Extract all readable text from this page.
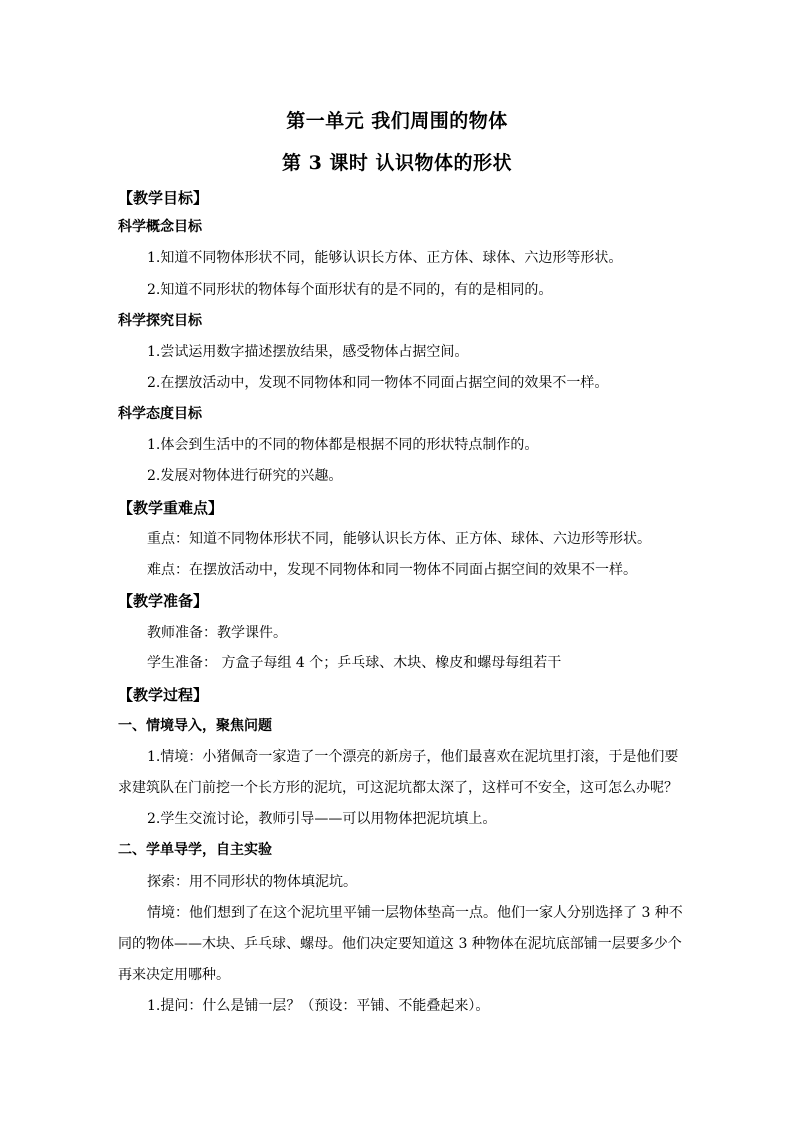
第一单元 我们周围的物体
第 3 课时 认识物体的形状
【教学目标】
科学概念目标
1.知道不同物体形状不同，能够认识长方体、正方体、球体、六边形等形状。
2.知道不同形状的物体每个面形状有的是不同的，有的是相同的。
科学探究目标
1.尝试运用数字描述摆放结果，感受物体占据空间。
2.在摆放活动中，发现不同物体和同一物体不同面占据空间的效果不一样。
科学态度目标
1.体会到生活中的不同的物体都是根据不同的形状特点制作的。
2.发展对物体进行研究的兴趣。
【教学重难点】
重点：知道不同物体形状不同，能够认识长方体、正方体、球体、六边形等形状。
难点：在摆放活动中，发现不同物体和同一物体不同面占据空间的效果不一样。
【教学准备】
教师准备：教学课件。
学生准备： 方盒子每组 4 个；乒乓球、木块、橡皮和螺母每组若干
【教学过程】
一、情境导入，聚焦问题
1.情境：小猪佩奇一家造了一个漂亮的新房子，他们最喜欢在泥坑里打滚，于是他们要
求建筑队在门前挖一个长方形的泥坑，可这泥坑都太深了，这样可不安全，这可怎么办呢？
2.学生交流讨论，教师引导——可以用物体把泥坑填上。
二、学单导学，自主实验
探索：用不同形状的物体填泥坑。
情境：他们想到了在这个泥坑里平铺一层物体垫高一点。他们一家人分别选择了 3 种不
同的物体——木块、乒乓球、螺母。他们决定要知道这 3 种物体在泥坑底部铺一层要多少个
再来决定用哪种。
1.提问：什么是铺一层？（预设：平铺、不能叠起来）。
